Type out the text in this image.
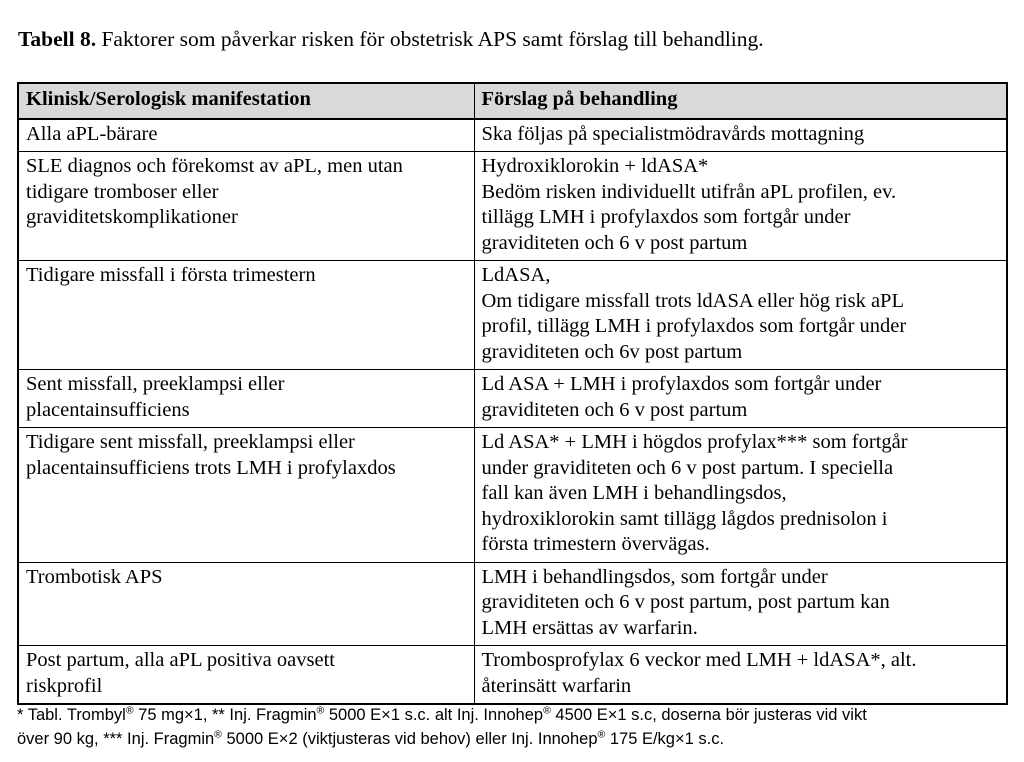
Tabell 8. Faktorer som påverkar risken för obstetrisk APS samt förslag till behandling.
Klinisk/Serologisk manifestation	Förslag på behandling

Alla aPL-bärare	Ska följas på specialistmödravårds mottagning

SLE diagnos och förekomst av aPL, men utan
tidigare tromboser eller
graviditetskomplikationer	Hydroxiklorokin + ldASA*
Bedöm risken individuellt utifrån aPL profilen, ev.
tillägg LMH i profylaxdos som fortgår under
graviditeten och 6 v post partum

Tidigare missfall i första trimestern	LdASA,
Om tidigare missfall trots ldASA eller hög risk aPL
profil, tillägg LMH i profylaxdos som fortgår under
graviditeten och 6v post partum

Sent missfall, preeklampsi eller
placentainsufficiens	Ld ASA + LMH i profylaxdos som fortgår under
graviditeten och 6 v post partum

Tidigare sent missfall, preeklampsi eller
placentainsufficiens trots LMH i profylaxdos	Ld ASA* + LMH i högdos profylax*** som fortgår
under graviditeten och 6 v post partum. I speciella
fall kan även LMH i behandlingsdos,
hydroxiklorokin samt tillägg lågdos prednisolon i
första trimestern övervägas.

Trombotisk APS	LMH i behandlingsdos, som fortgår under
graviditeten och 6 v post partum, post partum kan
LMH ersättas av warfarin.

Post partum, alla aPL positiva oavsett
riskprofil	Trombosprofylax 6 veckor med LMH + ldASA*, alt.
återinsätt warfarin
* Tabl. Trombyl® 75 mg×1, ** Inj. Fragmin® 5000 E×1 s.c. alt Inj. Innohep® 4500 E×1 s.c, doserna bör justeras vid vikt
över 90 kg, *** Inj. Fragmin® 5000 E×2 (viktjusteras vid behov) eller Inj. Innohep® 175 E/kg×1 s.c.
